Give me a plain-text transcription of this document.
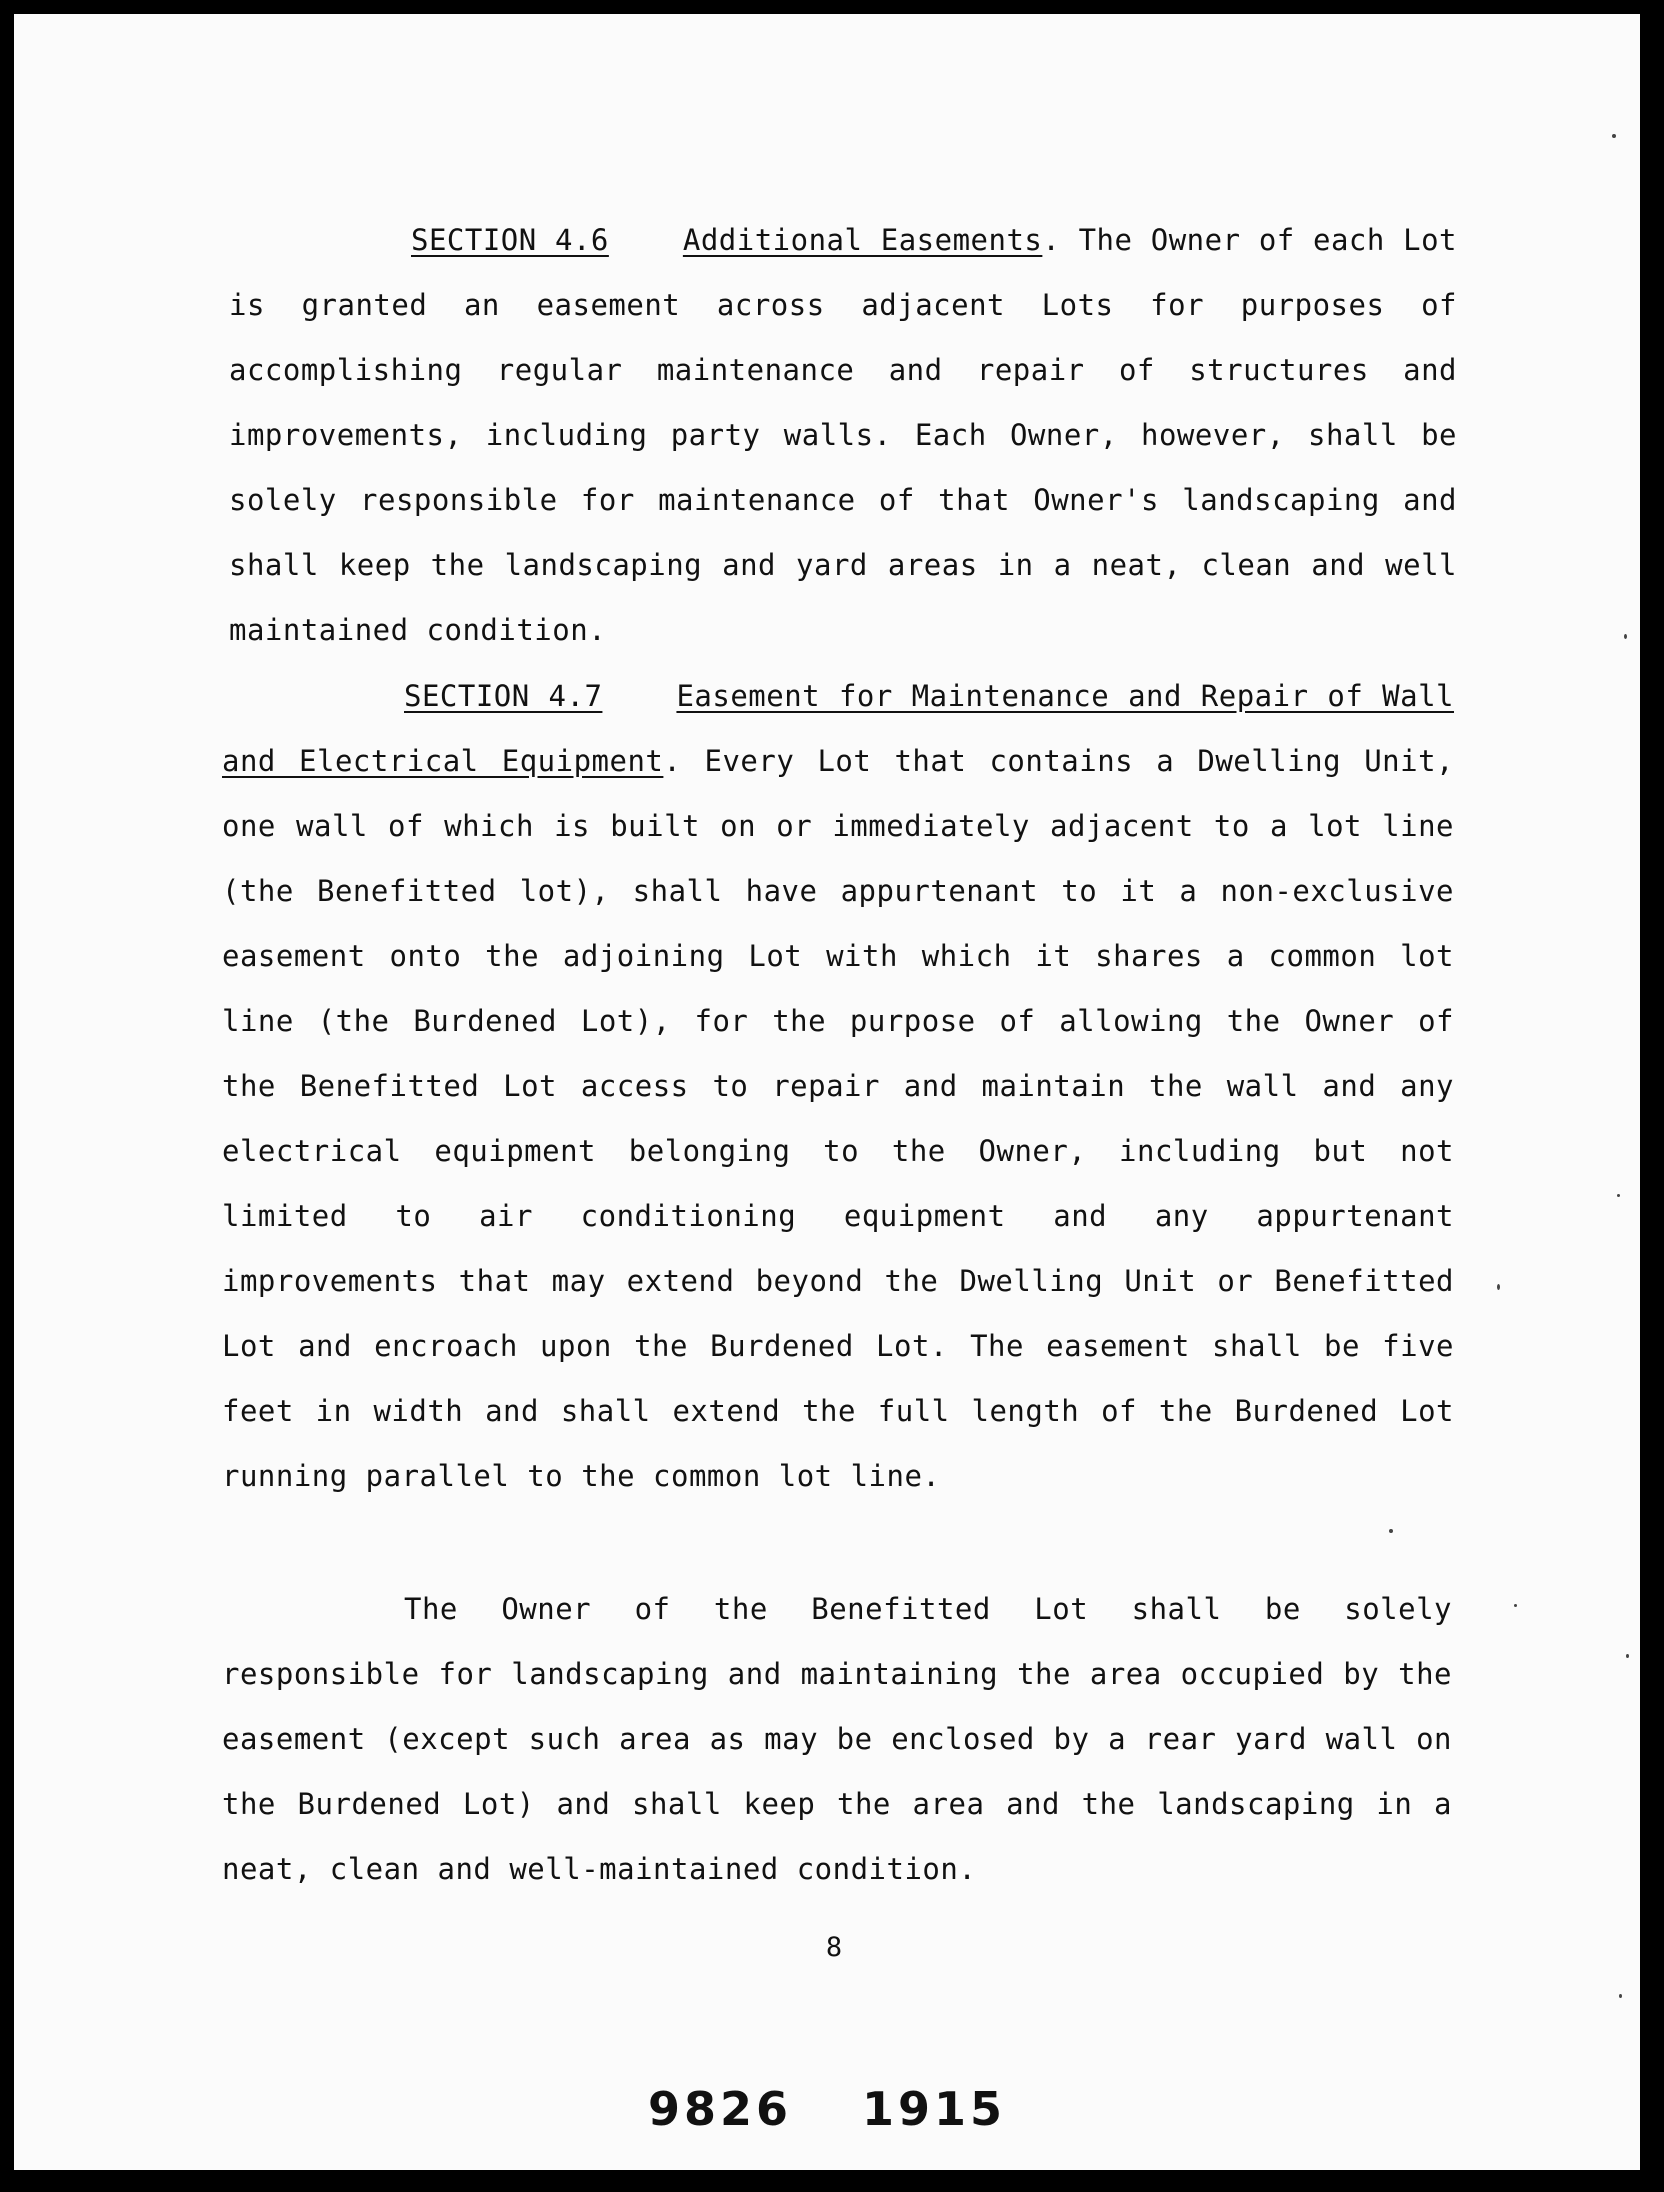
SECTION 4.6	Additional Easements. The Owner of each Lot is granted an easement across adjacent Lots for purposes of accomplishing regular maintenance and repair of structures and improvements, including party walls. Each Owner, however, shall be solely responsible for maintenance of that Owner's landscaping and shall keep the landscaping and yard areas in a neat, clean and well maintained condition.

SECTION 4.7	Easement for Maintenance and Repair of Wall and Electrical Equipment. Every Lot that contains a Dwelling Unit, one wall of which is built on or immediately adjacent to a lot line (the Benefitted lot), shall have appurtenant to it a non-exclusive easement onto the adjoining Lot with which it shares a common lot line (the Burdened Lot), for the purpose of allowing the Owner of the Benefitted Lot access to repair and maintain the wall and any electrical equipment belonging to the Owner, including but not limited to air conditioning equipment and any appurtenant improvements that may extend beyond the Dwelling Unit or Benefitted Lot and encroach upon the Burdened Lot. The easement shall be five feet in width and shall extend the full length of the Burdened Lot running parallel to the common lot line.

The Owner of the Benefitted Lot shall be solely responsible for landscaping and maintaining the area occupied by the easement (except such area as may be enclosed by a rear yard wall on the Burdened Lot) and shall keep the area and the landscaping in a neat, clean and well-maintained condition.

8
9826 1915
